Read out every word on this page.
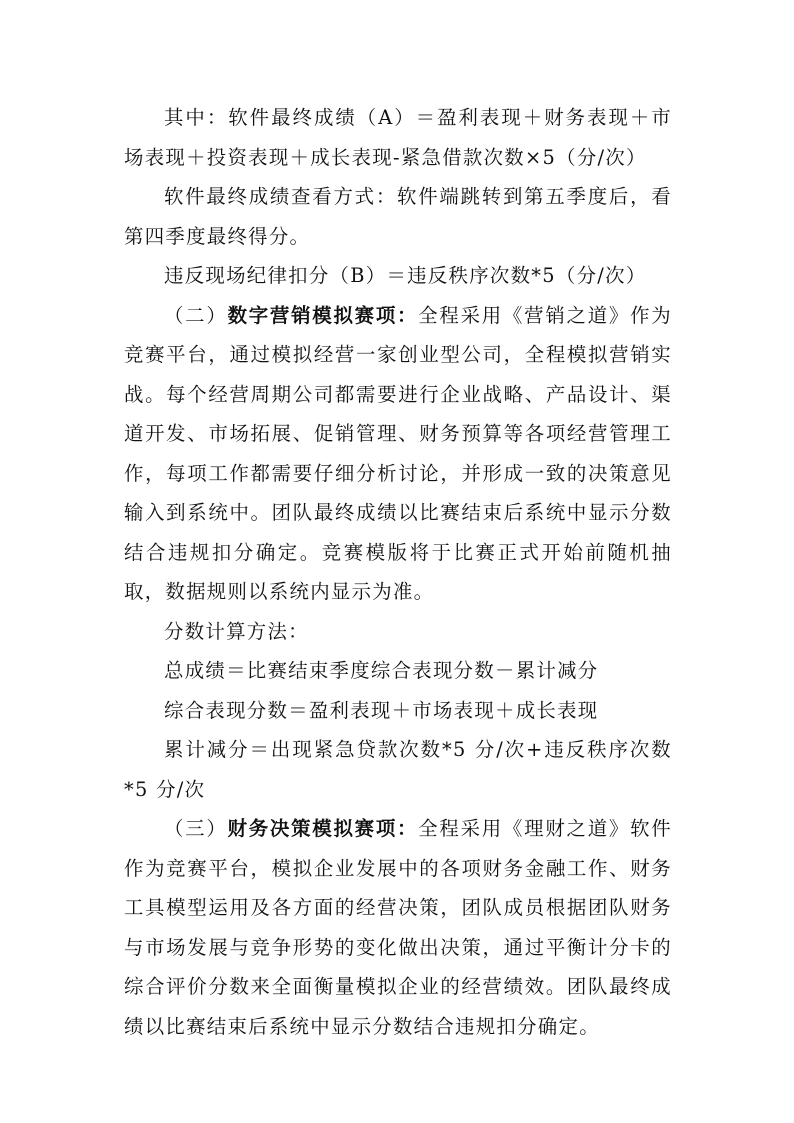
其中：软件最终成绩（A）＝盈利表现＋财务表现＋市场表现＋投资表现＋成长表现-紧急借款次数×5（分/次）

软件最终成绩查看方式：软件端跳转到第五季度后，看第四季度最终得分。

违反现场纪律扣分（B）＝违反秩序次数*5（分/次）

（二）数字营销模拟赛项：全程采用《营销之道》作为竞赛平台，通过模拟经营一家创业型公司，全程模拟营销实战。每个经营周期公司都需要进行企业战略、产品设计、渠道开发、市场拓展、促销管理、财务预算等各项经营管理工作，每项工作都需要仔细分析讨论，并形成一致的决策意见输入到系统中。团队最终成绩以比赛结束后系统中显示分数结合违规扣分确定。竞赛模版将于比赛正式开始前随机抽取，数据规则以系统内显示为准。

分数计算方法：

总成绩＝比赛结束季度综合表现分数－累计减分

综合表现分数＝盈利表现＋市场表现＋成长表现

累计减分＝出现紧急贷款次数*5 分/次+违反秩序次数*5 分/次

（三）财务决策模拟赛项：全程采用《理财之道》软件作为竞赛平台，模拟企业发展中的各项财务金融工作、财务工具模型运用及各方面的经营决策，团队成员根据团队财务与市场发展与竞争形势的变化做出决策，通过平衡计分卡的综合评价分数来全面衡量模拟企业的经营绩效。团队最终成绩以比赛结束后系统中显示分数结合违规扣分确定。
